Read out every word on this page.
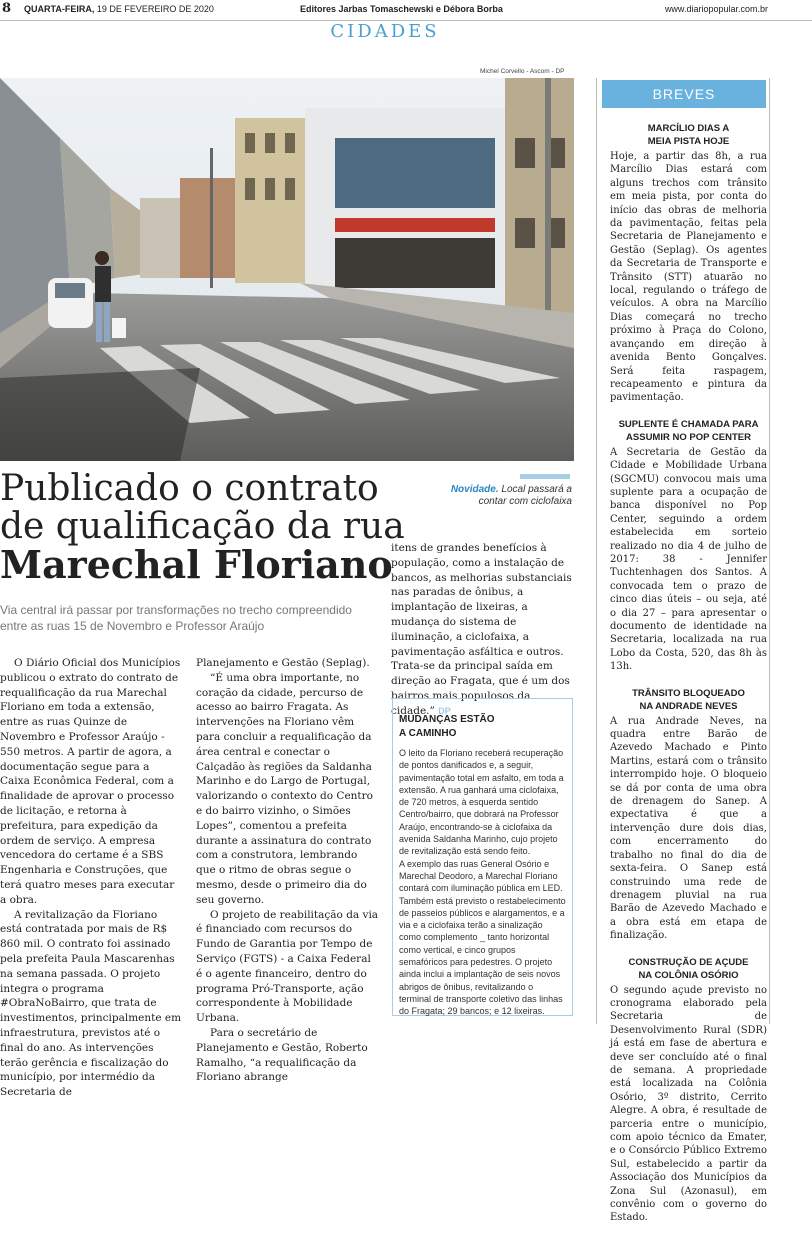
8 QUARTA-FEIRA, 19 DE FEVEREIRO DE 2020	Editores Jarbas Tomaschewski e Débora Borba	www.diariopopular.com.br
CIDADES
Michel Corvello - Ascom - DP
Novidade. Local passará a contar com ciclofaixa
Publicado o contrato
de qualificação da rua
Marechal Floriano
Via central irá passar por transformações no trecho compreendido entre as ruas 15 de Novembro e Professor Araújo

O Diário Oficial dos Municípios publicou o extrato do contrato de requalificação da rua Marechal Floriano em toda a extensão, entre as ruas Quinze de Novembro e Professor Araújo - 550 metros. A partir de agora, a documentação segue para a Caixa Econômica Federal, com a finalidade de aprovar o processo de licitação, e retorna à prefeitura, para expedição da ordem de serviço. A empresa vencedora do certame é a SBS Engenharia e Construções, que terá quatro meses para executar a obra.

A revitalização da Floriano está contratada por mais de R$ 860 mil. O contrato foi assinado pela prefeita Paula Mascarenhas na semana passada. O projeto integra o programa #ObraNoBairro, que trata de investimentos, principalmente em infraestrutura, previstos até o final do ano. As intervenções terão gerência e fiscalização do município, por intermédio da Secretaria de

Planejamento e Gestão (Seplag).

“É uma obra importante, no coração da cidade, percurso de acesso ao bairro Fragata. As intervenções na Floriano vêm para concluir a requalificação da área central e conectar o Calçadão às regiões da Saldanha Marinho e do Largo de Portugal, valorizando o contexto do Centro e do bairro vizinho, o Simões Lopes”, comentou a prefeita durante a assinatura do contrato com a construtora, lembrando que o ritmo de obras segue o mesmo, desde o primeiro dia do seu governo.

O projeto de reabilitação da via é financiado com recursos do Fundo de Garantia por Tempo de Serviço (FGTS) - a Caixa Federal é o agente financeiro, dentro do programa Pró-Transporte, ação correspondente à Mobilidade Urbana.

Para o secretário de Planejamento e Gestão, Roberto Ramalho, “a requalificação da Floriano abrange

itens de grandes benefícios à população, como a instalação de bancos, as melhorias substanciais nas paradas de ônibus, a implantação de lixeiras, a mudança do sistema de iluminação, a ciclofaixa, a pavimentação asfáltica e outros. Trata-se da principal saída em direção ao Fragata, que é um dos bairros mais populosos da cidade.” DP

MUDANÇAS ESTÃO
A CAMINHO

O leito da Floriano receberá recuperação de pontos danificados e, a seguir, pavimentação total em asfalto, em toda a extensão. A rua ganhará uma ciclofaixa, de 720 metros, à esquerda sentido Centro/bairro, que dobrará na Professor Araújo, encontrando-se à ciclofaixa da avenida Saldanha Marinho, cujo projeto de revitalização está sendo feito.

A exemplo das ruas General Osório e Marechal Deodoro, a Marechal Floriano contará com iluminação pública em LED. Também está previsto o restabelecimento de passeios públicos e alargamentos, e a via e a ciclofaixa terão a sinalização como complemento _ tanto horizontal como vertical, e cinco grupos semafóricos para pedestres. O projeto ainda inclui a implantação de seis novos abrigos de ônibus, revitalizando o terminal de transporte coletivo das linhas do Fragata; 29 bancos; e 12 lixeiras.

BREVES
MARCÍLIO DIAS A
MEIA PISTA HOJE

Hoje, a partir das 8h, a rua Marcílio Dias estará com alguns trechos com trânsito em meia pista, por conta do início das obras de melhoria da pavimentação, feitas pela Secretaria de Planejamento e Gestão (Seplag). Os agentes da Secretaria de Transporte e Trânsito (STT) atuarão no local, regulando o tráfego de veículos. A obra na Marcílio Dias começará no trecho próximo à Praça do Colono, avançando em direção à avenida Bento Gonçalves. Será feita raspagem, recapeamento e pintura da pavimentação.

SUPLENTE É CHAMADA PARA
ASSUMIR NO POP CENTER

A Secretaria de Gestão da Cidade e Mobilidade Urbana (SGCMU) convocou mais uma suplente para a ocupação de banca disponível no Pop Center, seguindo a ordem estabelecida em sorteio realizado no dia 4 de julho de 2017: 38 - Jennifer Tuchtenhagen dos Santos. A convocada tem o prazo de cinco dias úteis – ou seja, até o dia 27 – para apresentar o documento de identidade na Secretaria, localizada na rua Lobo da Costa, 520, das 8h às 13h.

TRÂNSITO BLOQUEADO
NA ANDRADE NEVES

A rua Andrade Neves, na quadra entre Barão de Azevedo Machado e Pinto Martins, estará com o trânsito interrompido hoje. O bloqueio se dá por conta de uma obra de drenagem do Sanep. A expectativa é que a intervenção dure dois dias, com encerramento do trabalho no final do dia de sexta-feira. O Sanep está construindo uma rede de drenagem pluvial na rua Barão de Azevedo Machado e a obra está em etapa de finalização.

CONSTRUÇÃO DE AÇUDE
NA COLÔNIA OSÓRIO

O segundo açude previsto no cronograma elaborado pela Secretaria de Desenvolvimento Rural (SDR) já está em fase de abertura e deve ser concluído até o final de semana. A propriedade está localizada na Colônia Osório, 3º distrito, Cerrito Alegre. A obra, é resultade de parceria entre o município, com apoio técnico da Emater, e o Consórcio Público Extremo Sul, estabelecido a partir da Associação dos Municípios da Zona Sul (Azonasul), em convênio com o governo do Estado.
